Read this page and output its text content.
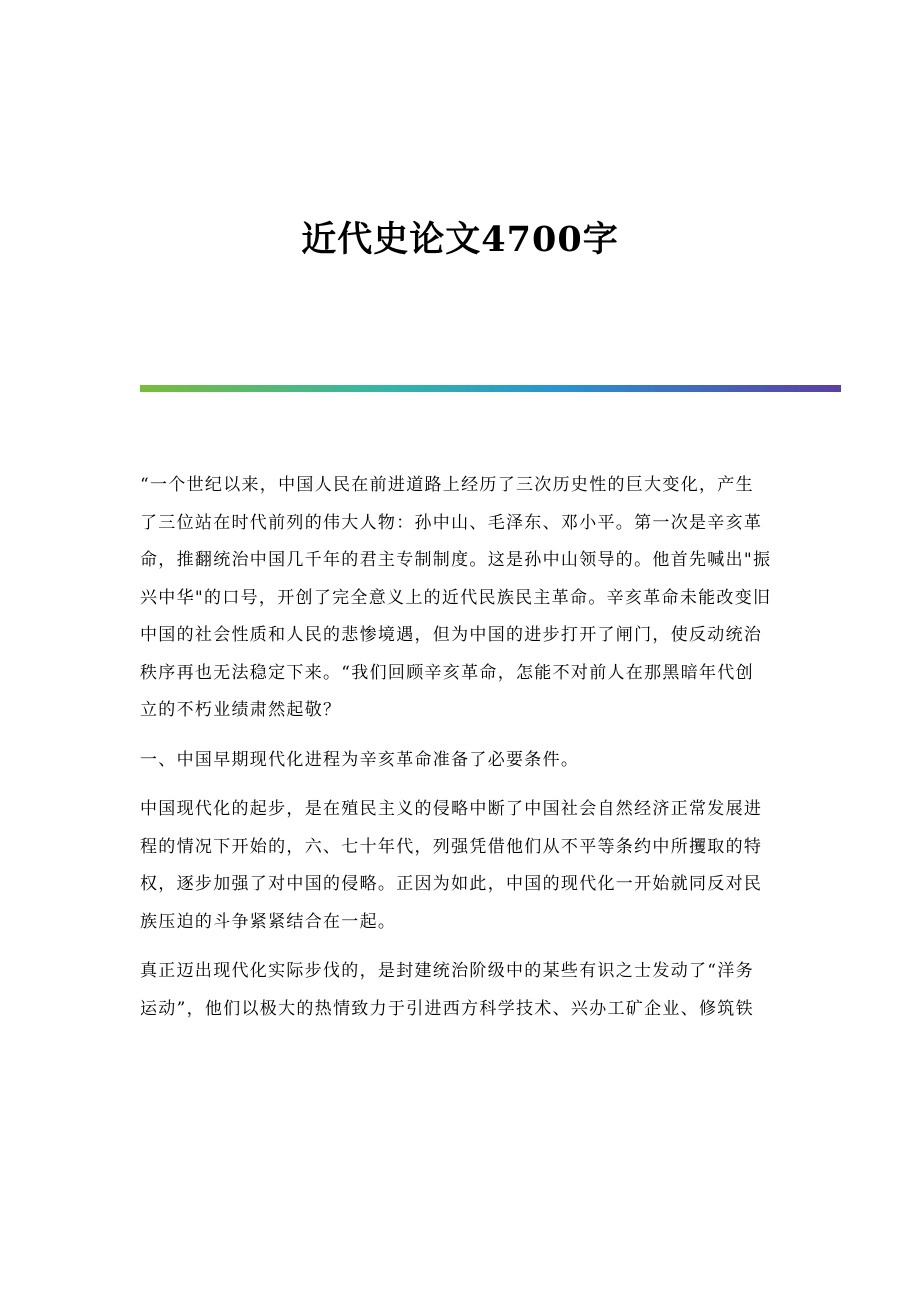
近代史论文4700字

“一个世纪以来，中国人民在前进道路上经历了三次历史性的巨大变化，产生
了三位站在时代前列的伟大人物：孙中山、毛泽东、邓小平。第一次是辛亥革
命，推翻统治中国几千年的君主专制制度。这是孙中山领导的。他首先喊出"振
兴中华"的口号，开创了完全意义上的近代民族民主革命。辛亥革命未能改变旧
中国的社会性质和人民的悲惨境遇，但为中国的进步打开了闸门，使反动统治
秩序再也无法稳定下来。“我们回顾辛亥革命，怎能不对前人在那黑暗年代创
立的不朽业绩肃然起敬？

一、中国早期现代化进程为辛亥革命准备了必要条件。

中国现代化的起步，是在殖民主义的侵略中断了中国社会自然经济正常发展进
程的情况下开始的，六、七十年代，列强凭借他们从不平等条约中所攫取的特
权，逐步加强了对中国的侵略。正因为如此，中国的现代化一开始就同反对民
族压迫的斗争紧紧结合在一起。

真正迈出现代化实际步伐的，是封建统治阶级中的某些有识之士发动了“洋务
运动”，他们以极大的热情致力于引进西方科学技术、兴办工矿企业、修筑铁
